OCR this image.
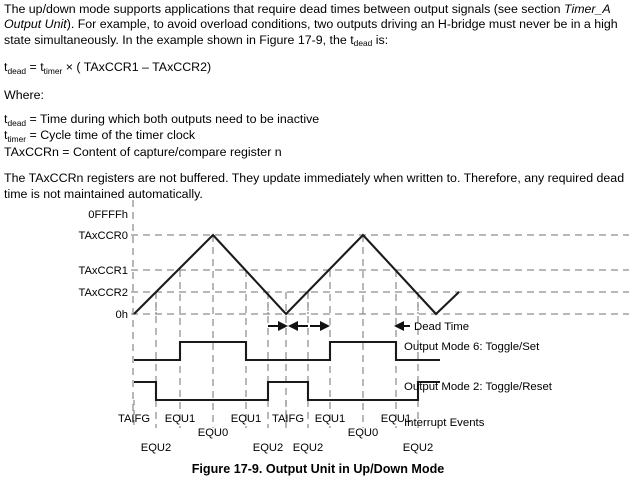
The up/down mode supports applications that require dead times between output signals (see section Timer_A Output Unit). For example, to avoid overload conditions, two outputs driving an H-bridge must never be in a high state simultaneously. In the example shown in Figure 17-9, the $t_{dead}$ is:

$t_{dead} = t_{timer}$ × ( TAxCCR1 – TAxCCR2)

Where:

$t_{dead}$ = Time during which both outputs need to be inactive

$t_{timer}$ = Cycle time of the timer clock

TAxCCRn = Content of capture/compare register n

The TAxCCRn registers are not buffered. They update immediately when written to. Therefore, any required dead time is not maintained automatically.

0FFFFh
TAxCCR0
TAxCCR1
TAxCCR2
0h
Dead Time
Output Mode 6: Toggle/Set
Output Mode 2: Toggle/Reset
TAIFG EQU1	EQU1 TAIFG EQU1	EQU1
EQU0	EQU0
EQU2	EQU2 EQU2	EQU2
Interrupt Events
Figure 17-9. Output Unit in Up/Down Mode
